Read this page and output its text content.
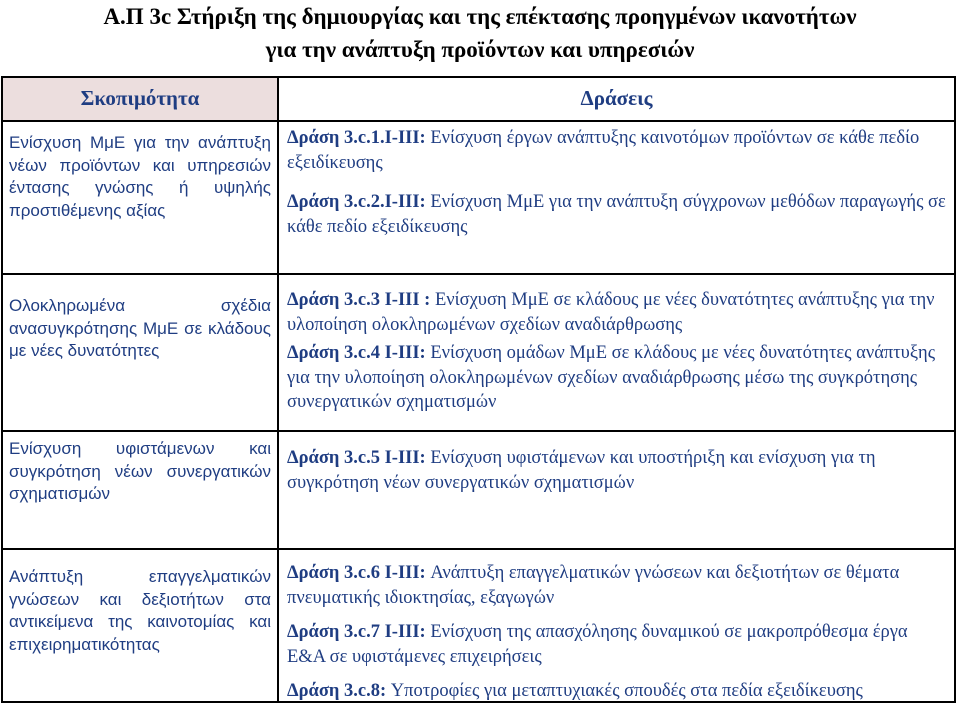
Α.Π 3c Στήριξη της δημιουργίας και της επέκτασης προηγμένων ικανοτήτων
για την ανάπτυξη προϊόντων και υπηρεσιών
Σκοπιμότητα	Δράσεις
Ενίσχυση ΜμΕ για την ανάπτυξη νέων προϊόντων και υπηρεσιών έντασης γνώσης ή υψηλής προστιθέμενης αξίας
Ολοκληρωμένα σχέδια ανασυγκρότησης ΜμΕ σε κλάδους με νέες δυνατότητες
Ενίσχυση υφιστάμενων και συγκρότηση νέων συνεργατικών σχηματισμών
Ανάπτυξη επαγγελματικών γνώσεων και δεξιοτήτων στα αντικείμενα της καινοτομίας και επιχειρηματικότητας
Δράση 3.c.1.I-III: Ενίσχυση έργων ανάπτυξης καινοτόμων προϊόντων σε κάθε πεδίο εξειδίκευσης
Δράση 3.c.2.I-III: Ενίσχυση ΜμΕ για την ανάπτυξη σύγχρονων μεθόδων παραγωγής σε κάθε πεδίο εξειδίκευσης
Δράση 3.c.3 I-III : Ενίσχυση ΜμΕ σε κλάδους με νέες δυνατότητες ανάπτυξης για την υλοποίηση ολοκληρωμένων σχεδίων αναδιάρθρωσης
Δράση 3.c.4 I-III: Ενίσχυση ομάδων ΜμΕ σε κλάδους με νέες δυνατότητες ανάπτυξης για την υλοποίηση ολοκληρωμένων σχεδίων αναδιάρθρωσης μέσω της συγκρότησης συνεργατικών σχηματισμών
Δράση 3.c.5 I-III: Ενίσχυση υφιστάμενων και υποστήριξη και ενίσχυση για τη συγκρότηση νέων συνεργατικών σχηματισμών
Δράση 3.c.6 I-III: Ανάπτυξη επαγγελματικών γνώσεων και δεξιοτήτων σε θέματα πνευματικής ιδιοκτησίας, εξαγωγών
Δράση 3.c.7 I-III: Ενίσχυση της απασχόλησης δυναμικού σε μακροπρόθεσμα έργα Ε&Α σε υφιστάμενες επιχειρήσεις
Δράση 3.c.8: Υποτροφίες για μεταπτυχιακές σπουδές στα πεδία εξειδίκευσης
